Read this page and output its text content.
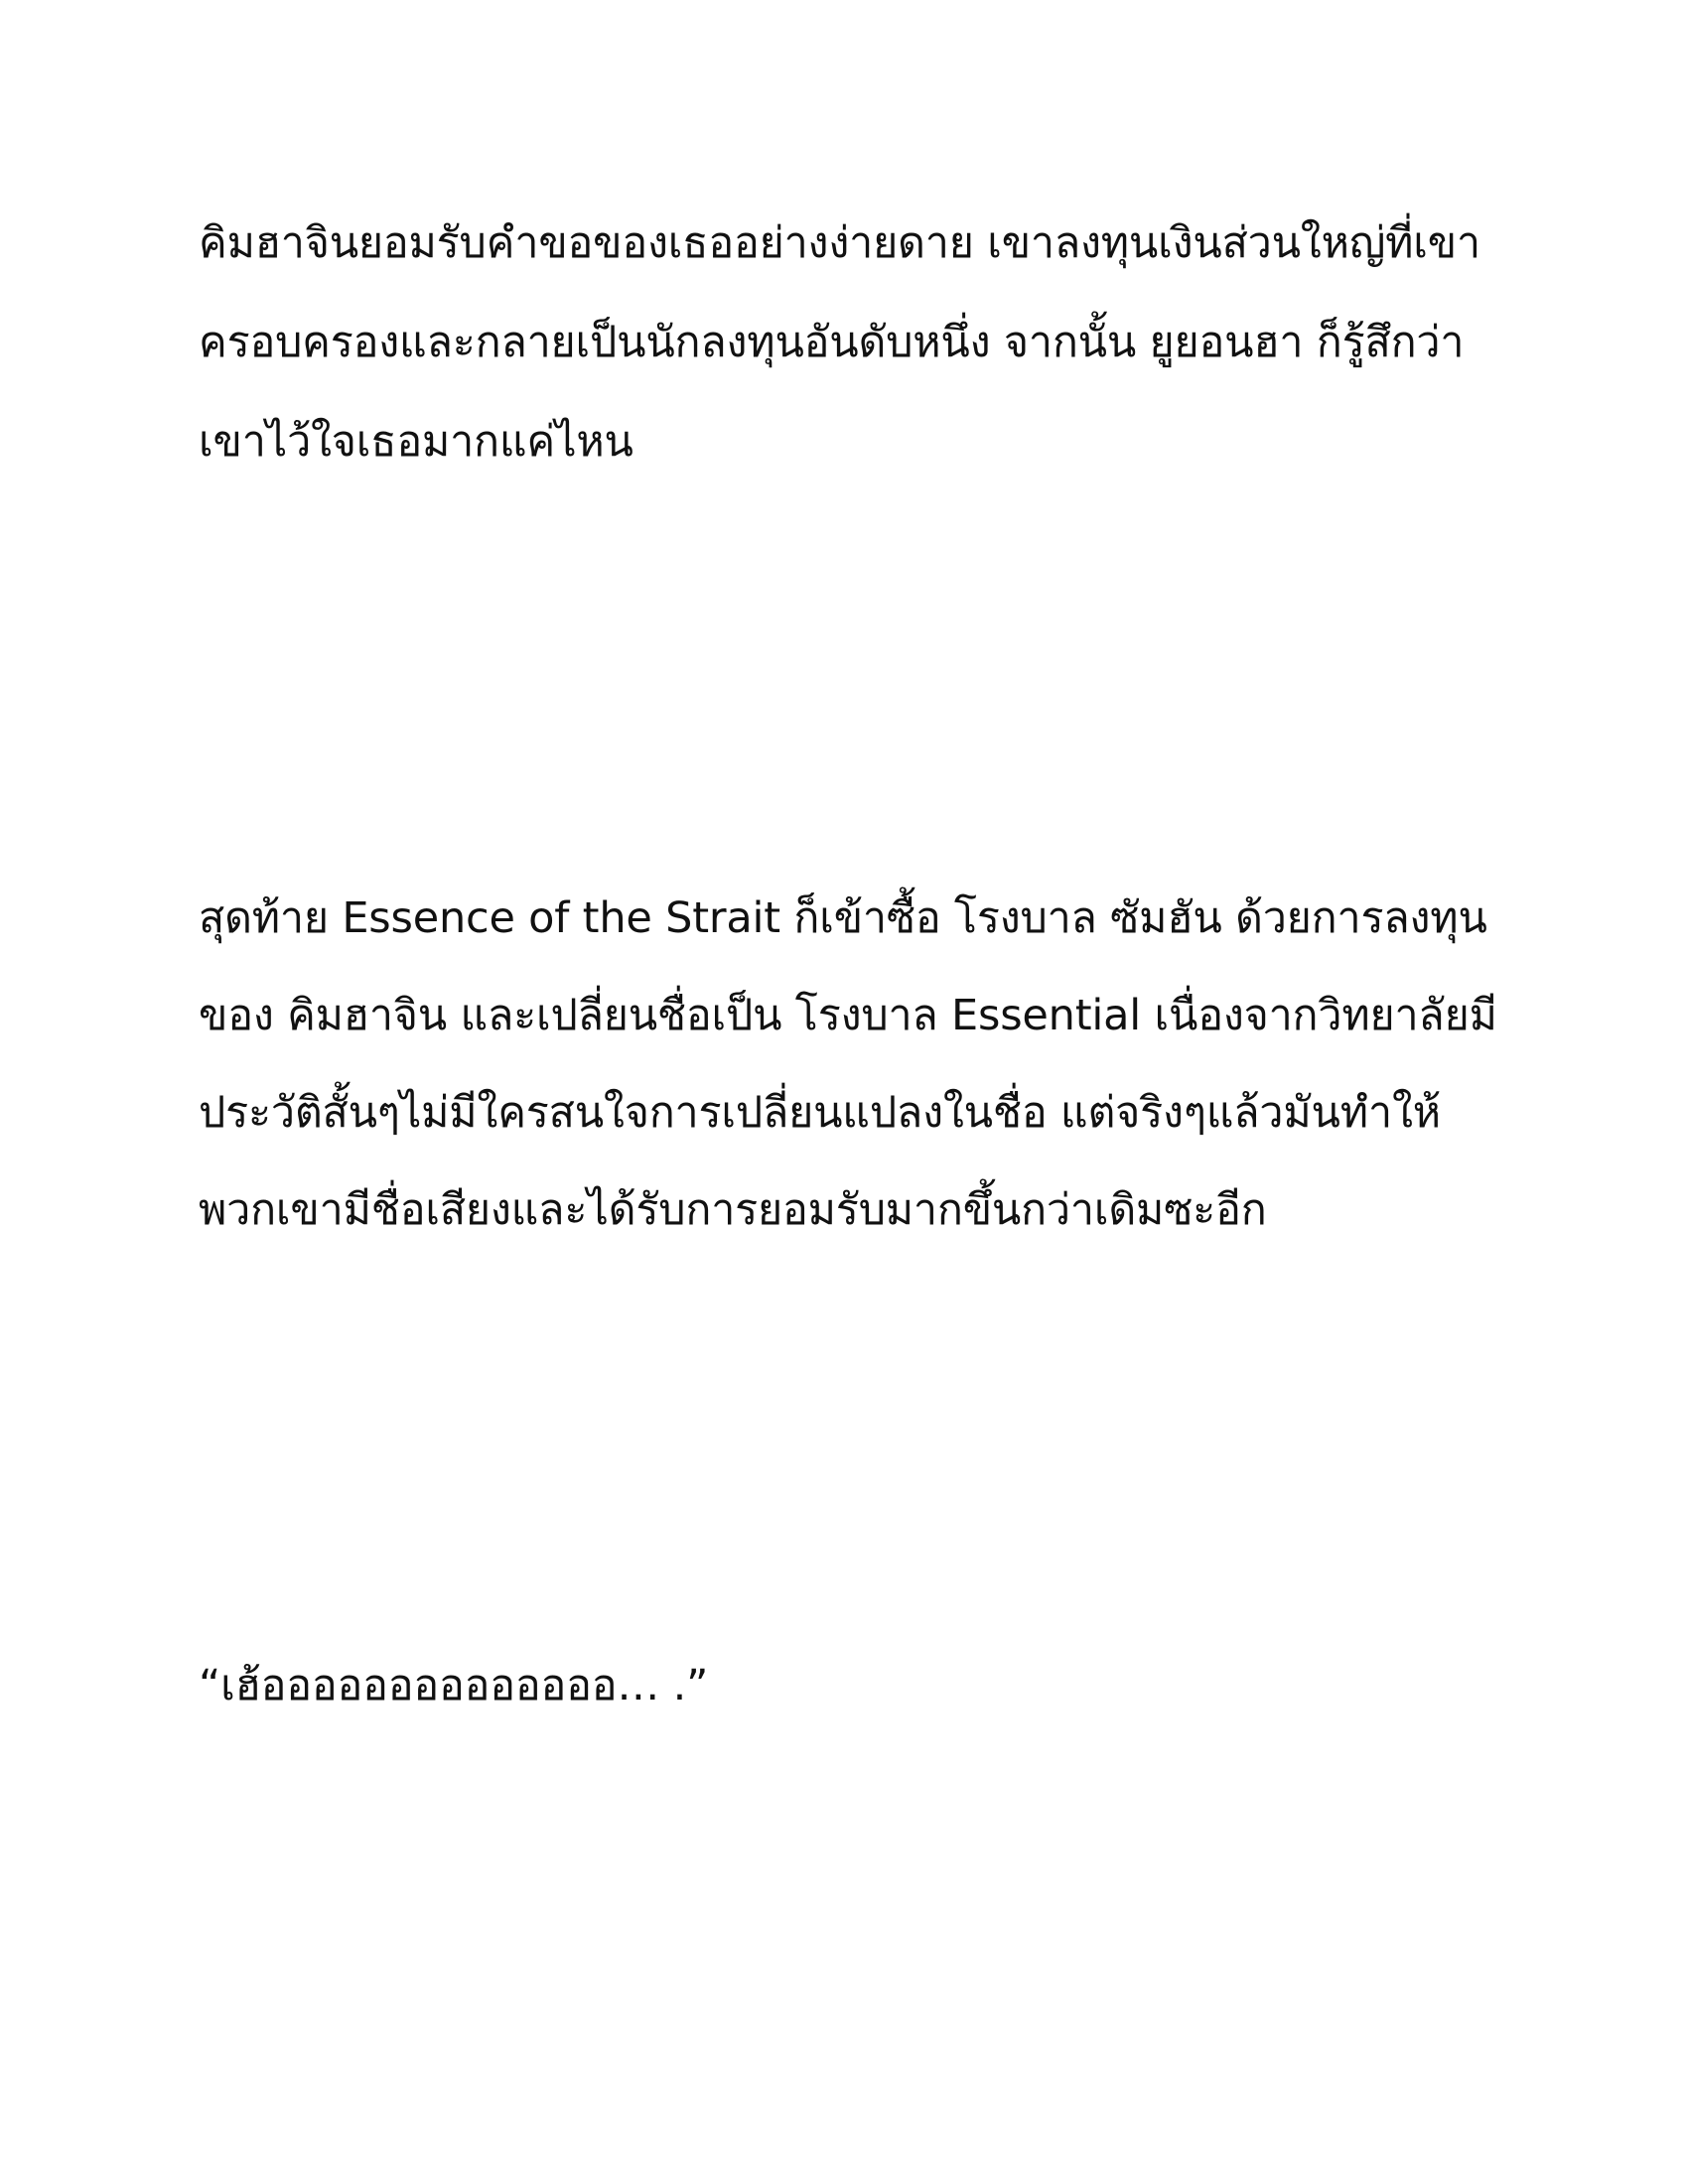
คิมฮาจินยอมรับคำขอของเธออย่างง่ายดาย เขาลงทุนเงินส่วนใหญ่ที่เขา
ครอบครองและกลายเป็นนักลงทุนอันดับหนึ่ง จากนั้น ยูยอนฮา ก็รู้สึกว่า
เขาไว้ใจเธอมากแค่ไหน
สุดท้าย Essence of the Strait ก็เข้าซื้อ โรงบาล ซัมฮัน ด้วยการลงทุน
ของ คิมฮาจิน และเปลี่ยนชื่อเป็น โรงบาล Essential เนื่องจากวิทยาลัยมี
ประวัติสั้นๆไม่มีใครสนใจการเปลี่ยนแปลงในชื่อ แต่จริงๆแล้วมันทำให้
พวกเขามีชื่อเสียงและได้รับการยอมรับมากขึ้นกว่าเดิมซะอีก
“เฮ้ออออออออออออออ… .”
